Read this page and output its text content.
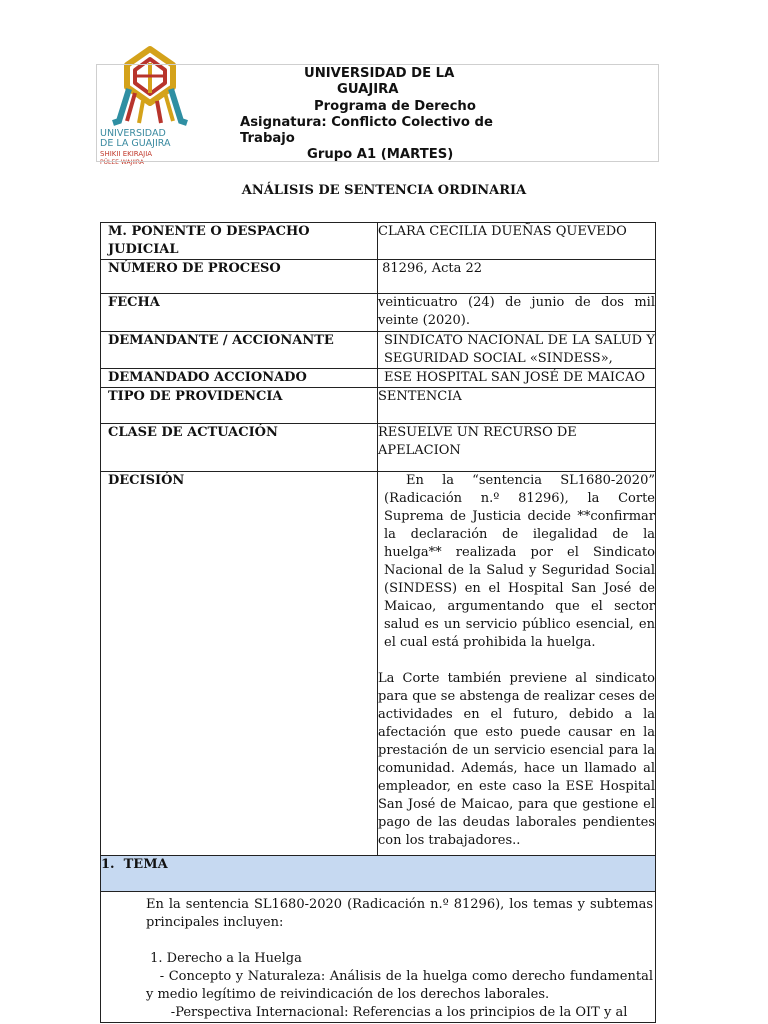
UNIVERSIDAD
DE LA GUAJIRA
SHIKII EKIRAJIA
PÜLEE WAJIIRA
UNIVERSIDAD DE LA
GUAJIRA
Programa de Derecho
Asignatura: Conflicto Colectivo de
Trabajo
Grupo A1 (MARTES)
ANÁLISIS DE SENTENCIA ORDINARIA
M. PONENTE O DESPACHO JUDICIAL	CLARA CECILIA DUEÑAS QUEVEDO
NÚMERO DE PROCESO	81296, Acta 22
FECHA	veinticuatro (24) de junio de dos mil veinte (2020).
DEMANDANTE / ACCIONANTE	SINDICATO NACIONAL DE LA SALUD Y SEGURIDAD SOCIAL «SINDESS»,
DEMANDADO ACCIONADO	ESE HOSPITAL SAN JOSÉ DE MAICAO
TIPO DE PROVIDENCIA	SENTENCIA
CLASE DE ACTUACIÓN	RESUELVE UN RECURSO DE APELACION
DECISIÓN	En la “sentencia SL1680-2020” (Radicación n.º 81296), la Corte Suprema de Justicia decide **confirmar la declaración de ilegalidad de la huelga** realizada por el Sindicato Nacional de la Salud y Seguridad Social (SINDESS) en el Hospital San José de Maicao, argumentando que el sector salud es un servicio público esencial, en el cual está prohibida la huelga.
La Corte también previene al sindicato para que se abstenga de realizar ceses de actividades en el futuro, debido a la afectación que esto puede causar en la prestación de un servicio esencial para la comunidad. Además, hace un llamado al empleador, en este caso la ESE Hospital San José de Maicao, para que gestione el pago de las deudas laborales pendientes con los trabajadores..

1.  TEMA	

En la sentencia SL1680-2020 (Radicación n.º 81296), los temas y subtemas principales incluyen:
1. Derecho a la Huelga
- Concepto y Naturaleza: Análisis de la huelga como derecho fundamental y medio legítimo de reivindicación de los derechos laborales.
-Perspectiva Internacional: Referencias a los principios de la OIT y al	
